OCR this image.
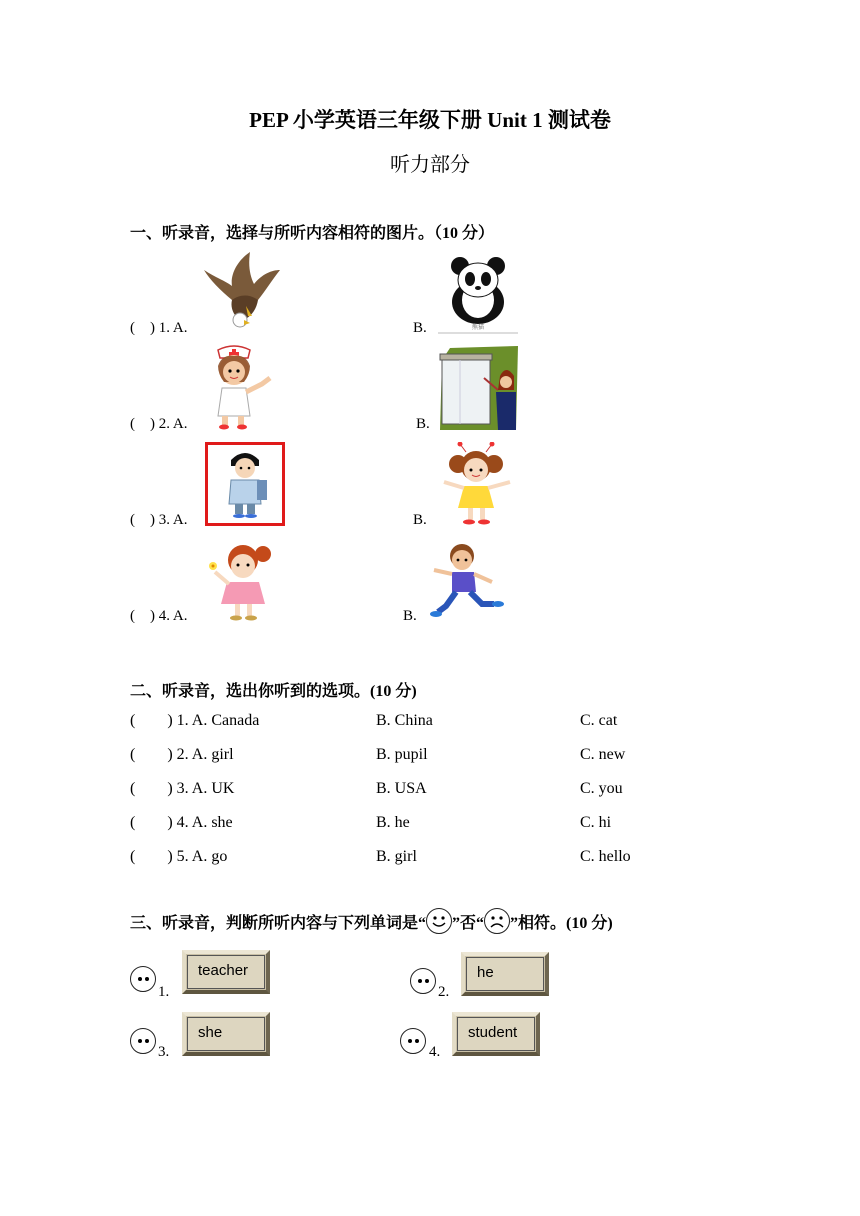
PEP 小学英语三年级下册 Unit 1 测试卷
听力部分
一、听录音，选择与所听内容相符的图片。（10 分）
(    ) 1. A.	B.	熊猫
(    ) 2. A.	B.
(    ) 3. A.	B.
(    ) 4. A.	B.
二、听录音，选出你听到的选项。(10 分)
(        ) 1. A. Canada	B. China	C. cat
(        ) 2. A. girl	B. pupil	C. new
(        ) 3. A. UK	B. USA	C. you
(        ) 4. A. she	B. he	C. hi
(        ) 5. A. go	B. girl	C. hello
三、听录音，判断所听内容与下列单词是“ ”否“ ”相符。(10 分)
1.
teacher
2.
he
3.
she
4.
student
